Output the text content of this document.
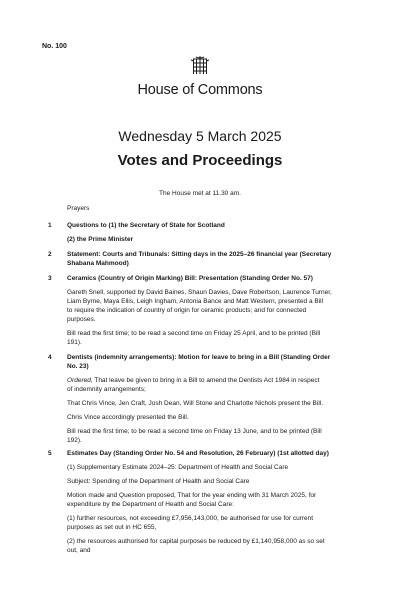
No. 100
House of Commons
Wednesday 5 March 2025
Votes and Proceedings
The House met at 11.30 am.
Prayers
1 Questions to (1) the Secretary of State for Scotland
(2) the Prime Minister
2 Statement: Courts and Tribunals: Sitting days in the 2025–26 financial year (Secretary
Shabana Mahmood)
3 Ceramics (Country of Origin Marking) Bill: Presentation (Standing Order No. 57)
Gareth Snell, supported by David Baines, Shaun Davies, Dave Robertson, Laurence Turner,
Liam Byrne, Maya Ellis, Leigh Ingham, Antonia Bance and Matt Western, presented a Bill
to require the indication of country of origin for ceramic products; and for connected
purposes.
Bill read the first time; to be read a second time on Friday 25 April, and to be printed (Bill
191).
4 Dentists (indemnity arrangements): Motion for leave to bring in a Bill (Standing Order
No. 23)
Ordered, That leave be given to bring in a Bill to amend the Dentists Act 1984 in respect
of indemnity arrangements;
That Chris Vince, Jen Craft, Josh Dean, Will Stone and Charlotte Nichols present the Bill.
Chris Vince accordingly presented the Bill.
Bill read the first time; to be read a second time on Friday 13 June, and to be printed (Bill
192).
5 Estimates Day (Standing Order No. 54 and Resolution, 26 February) (1st allotted day)
(1) Supplementary Estimate 2024–25: Department of Health and Social Care
Subject: Spending of the Department of Health and Social Care
Motion made and Question proposed, That for the year ending with 31 March 2025, for
expenditure by the Department of Health and Social Care:
(1) further resources, not exceeding £7,956,143,000, be authorised for use for current
purposes as set out in HC 655,
(2) the resources authorised for capital purposes be reduced by £1,140,958,000 as so set
out, and
